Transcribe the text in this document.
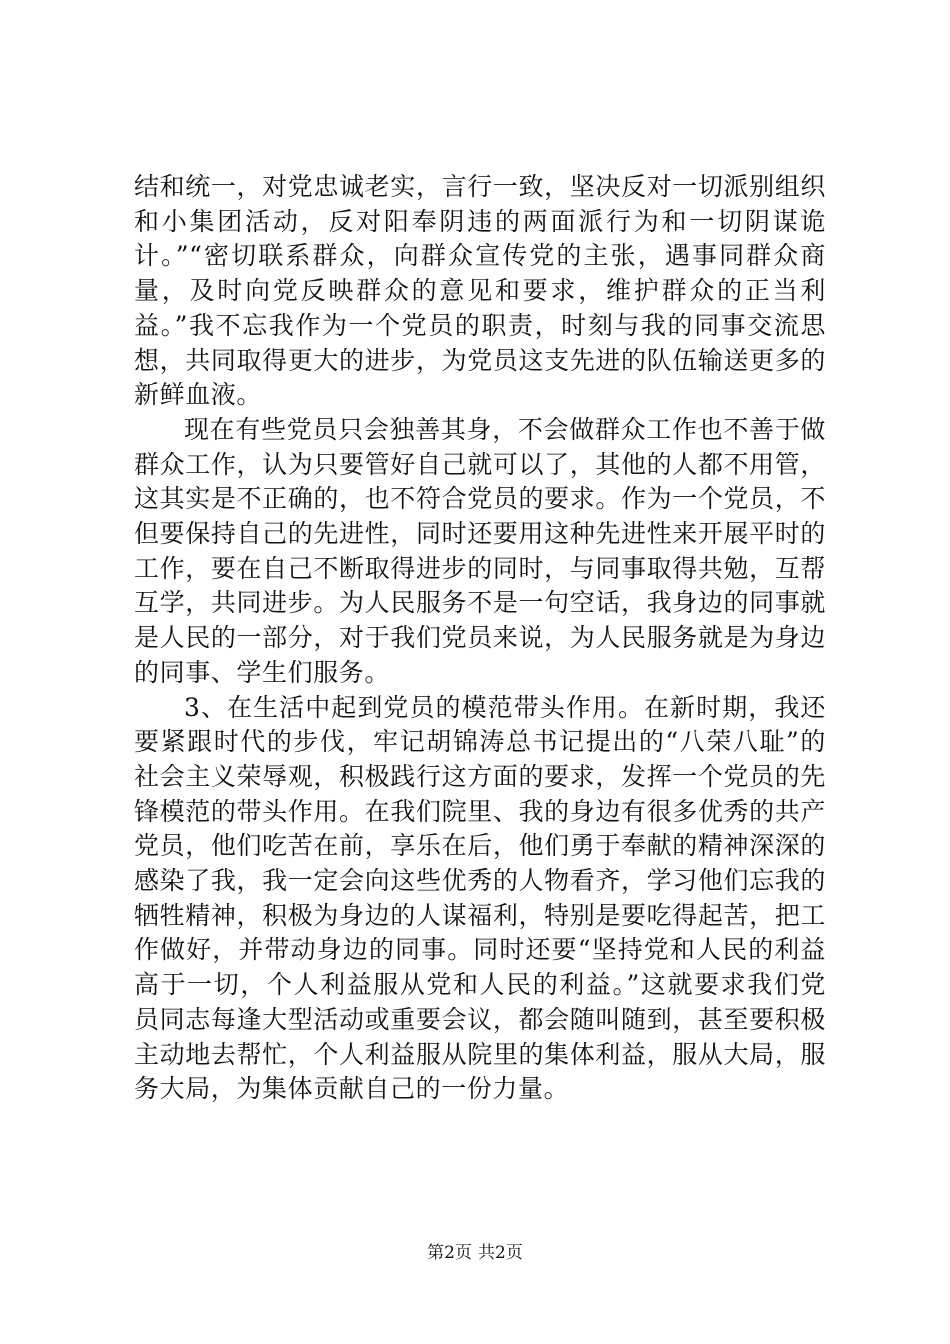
结和统一，对党忠诚老实，言行一致，坚决反对一切派别组织和小集团活动，反对阳奉阴违的两面派行为和一切阴谋诡计。”“密切联系群众，向群众宣传党的主张，遇事同群众商量，及时向党反映群众的意见和要求，维护群众的正当利益。”我不忘我作为一个党员的职责，时刻与我的同事交流思想，共同取得更大的进步，为党员这支先进的队伍输送更多的新鲜血液。

现在有些党员只会独善其身，不会做群众工作也不善于做群众工作，认为只要管好自己就可以了，其他的人都不用管，这其实是不正确的，也不符合党员的要求。作为一个党员，不但要保持自己的先进性，同时还要用这种先进性来开展平时的工作，要在自己不断取得进步的同时，与同事取得共勉，互帮互学，共同进步。为人民服务不是一句空话，我身边的同事就是人民的一部分，对于我们党员来说，为人民服务就是为身边的同事、学生们服务。

3、在生活中起到党员的模范带头作用。在新时期，我还要紧跟时代的步伐，牢记胡锦涛总书记提出的“八荣八耻”的社会主义荣辱观，积极践行这方面的要求，发挥一个党员的先锋模范的带头作用。在我们院里、我的身边有很多优秀的共产党员，他们吃苦在前，享乐在后，他们勇于奉献的精神深深的感染了我，我一定会向这些优秀的人物看齐，学习他们忘我的牺牲精神，积极为身边的人谋福利，特别是要吃得起苦，把工作做好，并带动身边的同事。同时还要“坚持党和人民的利益高于一切，个人利益服从党和人民的利益。”这就要求我们党员同志每逢大型活动或重要会议，都会随叫随到，甚至要积极主动地去帮忙，个人利益服从院里的集体利益，服从大局，服务大局，为集体贡献自己的一份力量。

第2页 共2页
